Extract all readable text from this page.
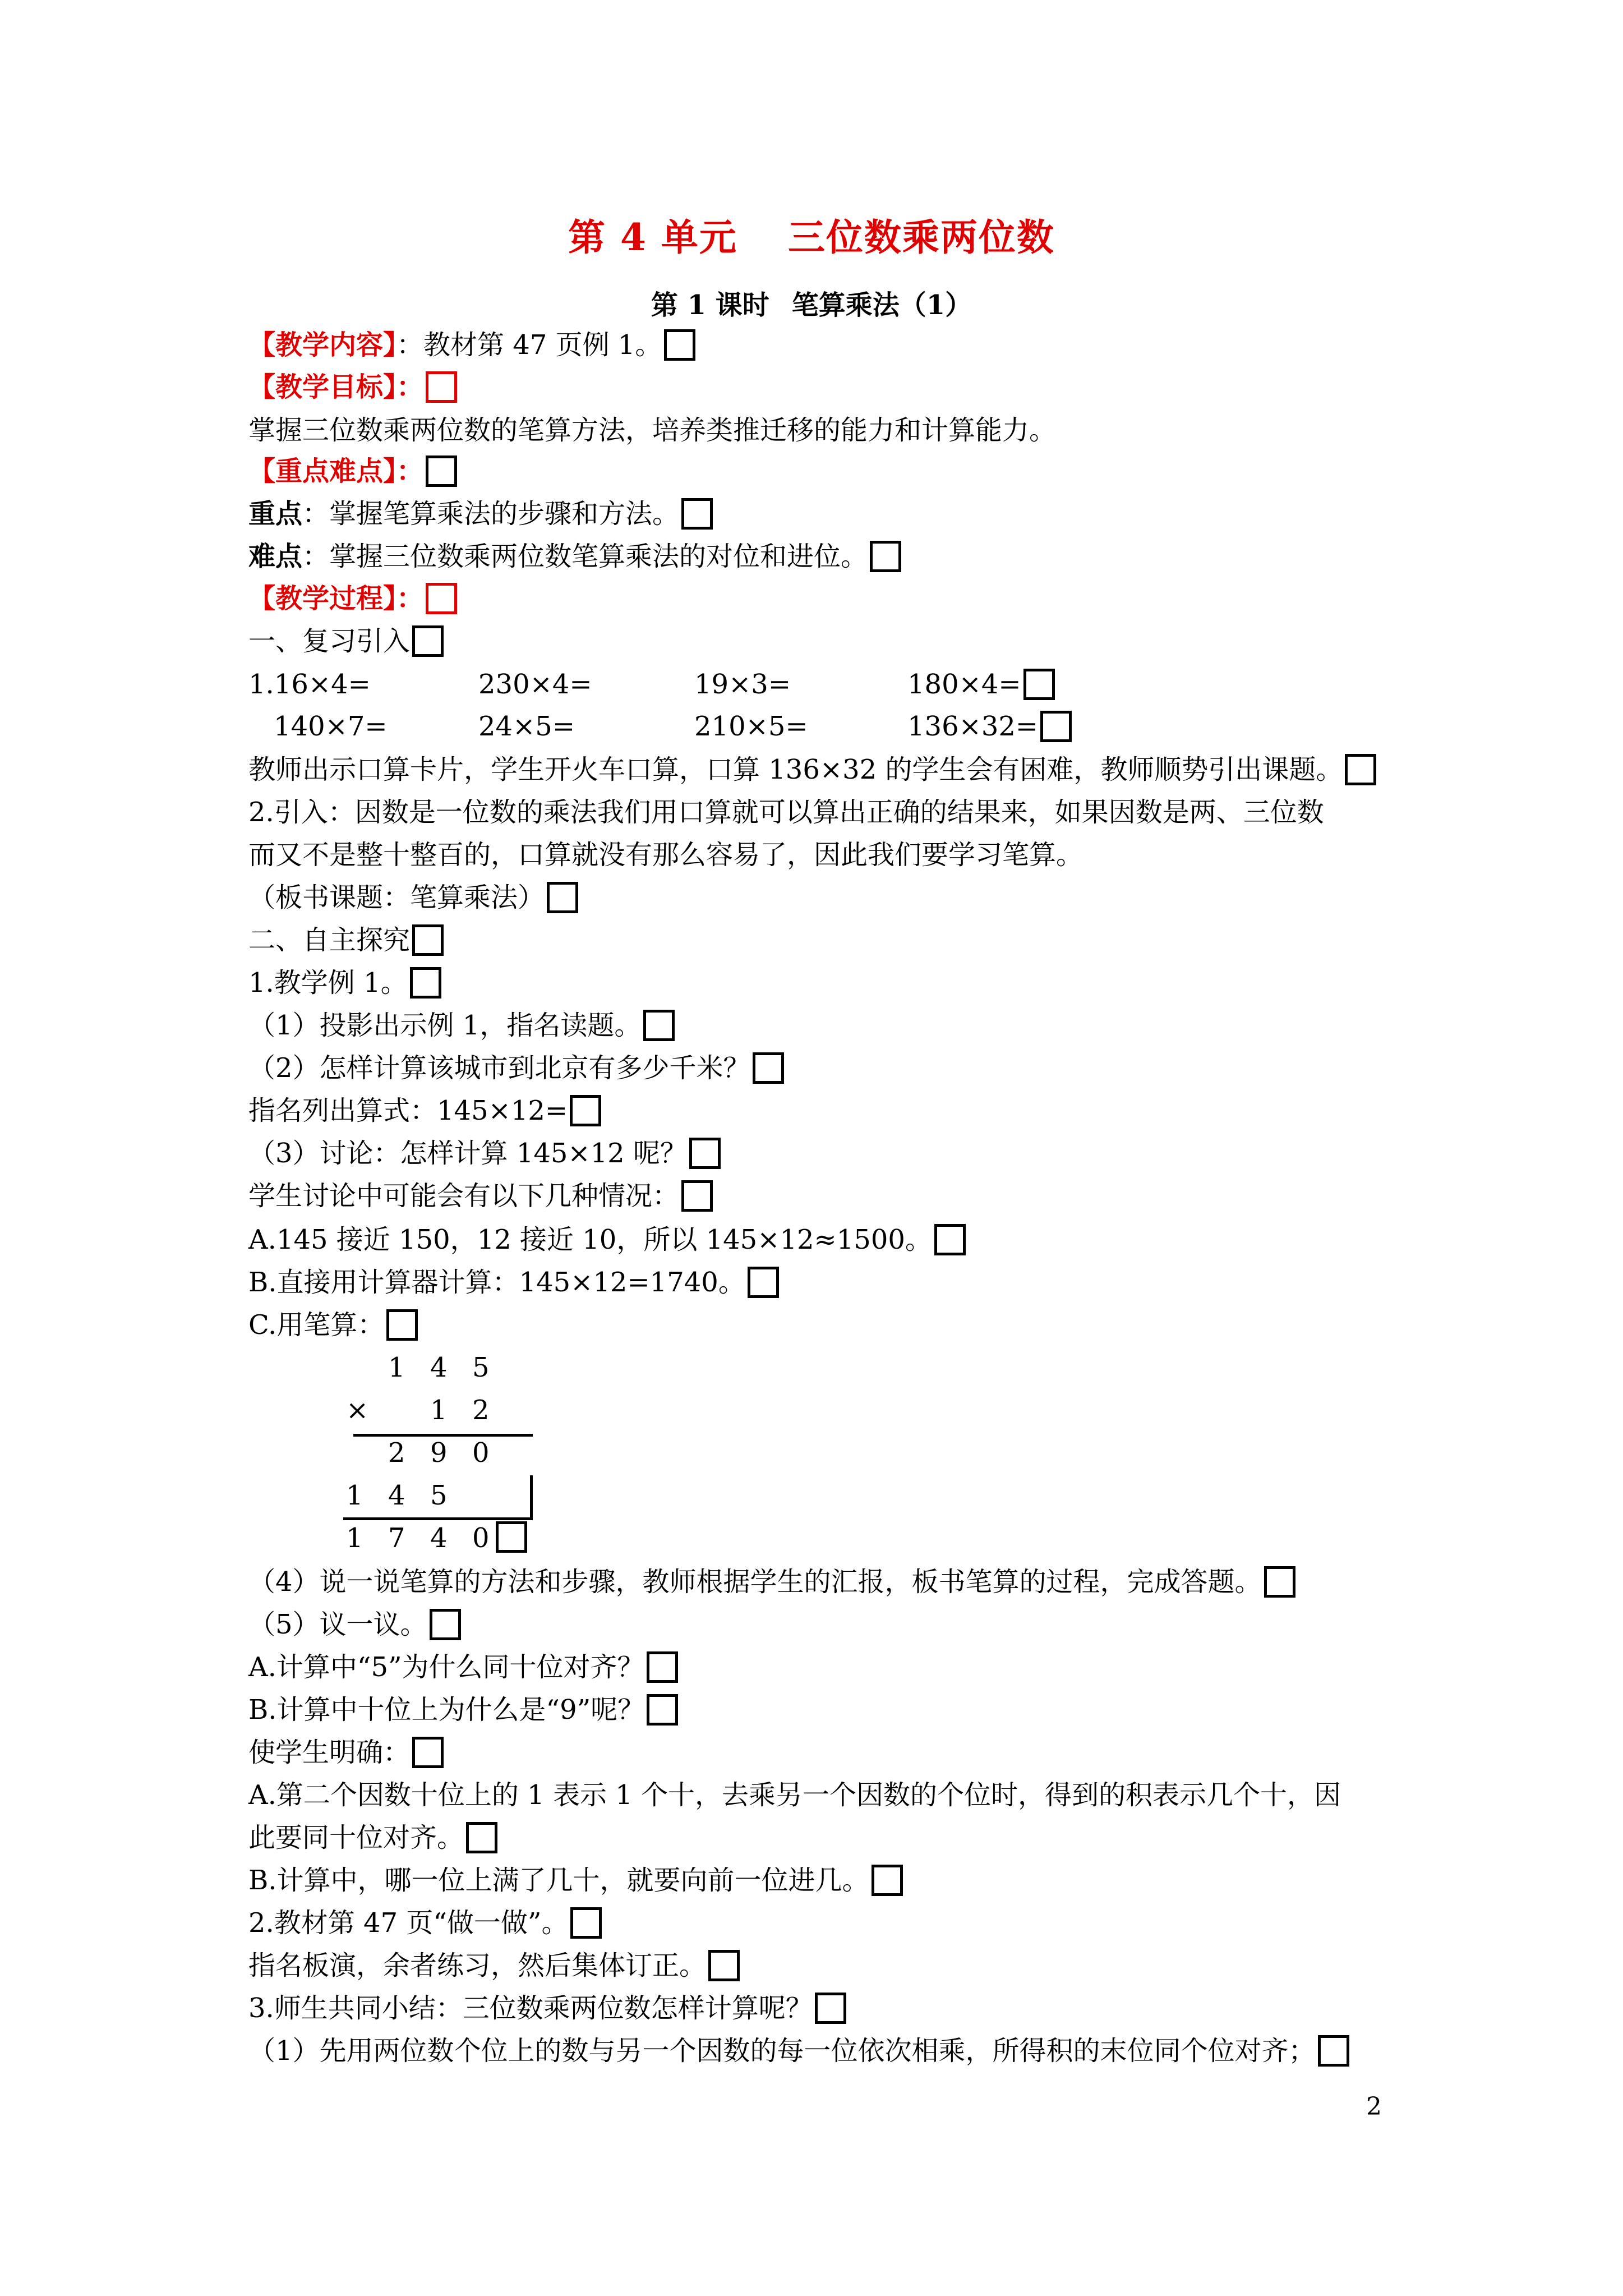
第 4 单元 三位数乘两位数
第 1 课时 笔算乘法（1）
【教学内容】：教材第 47 页例 1。
【教学目标】：
掌握三位数乘两位数的笔算方法，培养类推迁移的能力和计算能力。
【重点难点】：
重点：掌握笔算乘法的步骤和方法。
难点：掌握三位数乘两位数笔算乘法的对位和进位。
【教学过程】：
一、复习引入
1.16×4=	230×4=	19×3=	180×4=
140×7=	24×5=	210×5=	136×32=
教师出示口算卡片，学生开火车口算，口算 136×32 的学生会有困难，教师顺势引出课题。
2.引入：因数是一位数的乘法我们用口算就可以算出正确的结果来，如果因数是两、三位数
而又不是整十整百的，口算就没有那么容易了，因此我们要学习笔算。
（板书课题：笔算乘法）
二、自主探究
1.教学例 1。
（1）投影出示例 1，指名读题。
（2）怎样计算该城市到北京有多少千米？
指名列出算式：145×12=
（3）讨论：怎样计算 145×12 呢？
学生讨论中可能会有以下几种情况：
A.145 接近 150，12 接近 10，所以 145×12≈1500。
B.直接用计算器计算：145×12=1740。
C.用笔算：
1 4 5
× 1 2
2 9 0
1 4 5
1 7 4 0
（4）说一说笔算的方法和步骤，教师根据学生的汇报，板书笔算的过程，完成答题。
（5）议一议。
A.计算中“5”为什么同十位对齐？
B.计算中十位上为什么是“9”呢？
使学生明确：
A.第二个因数十位上的 1 表示 1 个十，去乘另一个因数的个位时，得到的积表示几个十，因
此要同十位对齐。
B.计算中，哪一位上满了几十，就要向前一位进几。
2.教材第 47 页“做一做”。
指名板演，余者练习，然后集体订正。
3.师生共同小结：三位数乘两位数怎样计算呢？
（1）先用两位数个位上的数与另一个因数的每一位依次相乘，所得积的末位同个位对齐；
2
